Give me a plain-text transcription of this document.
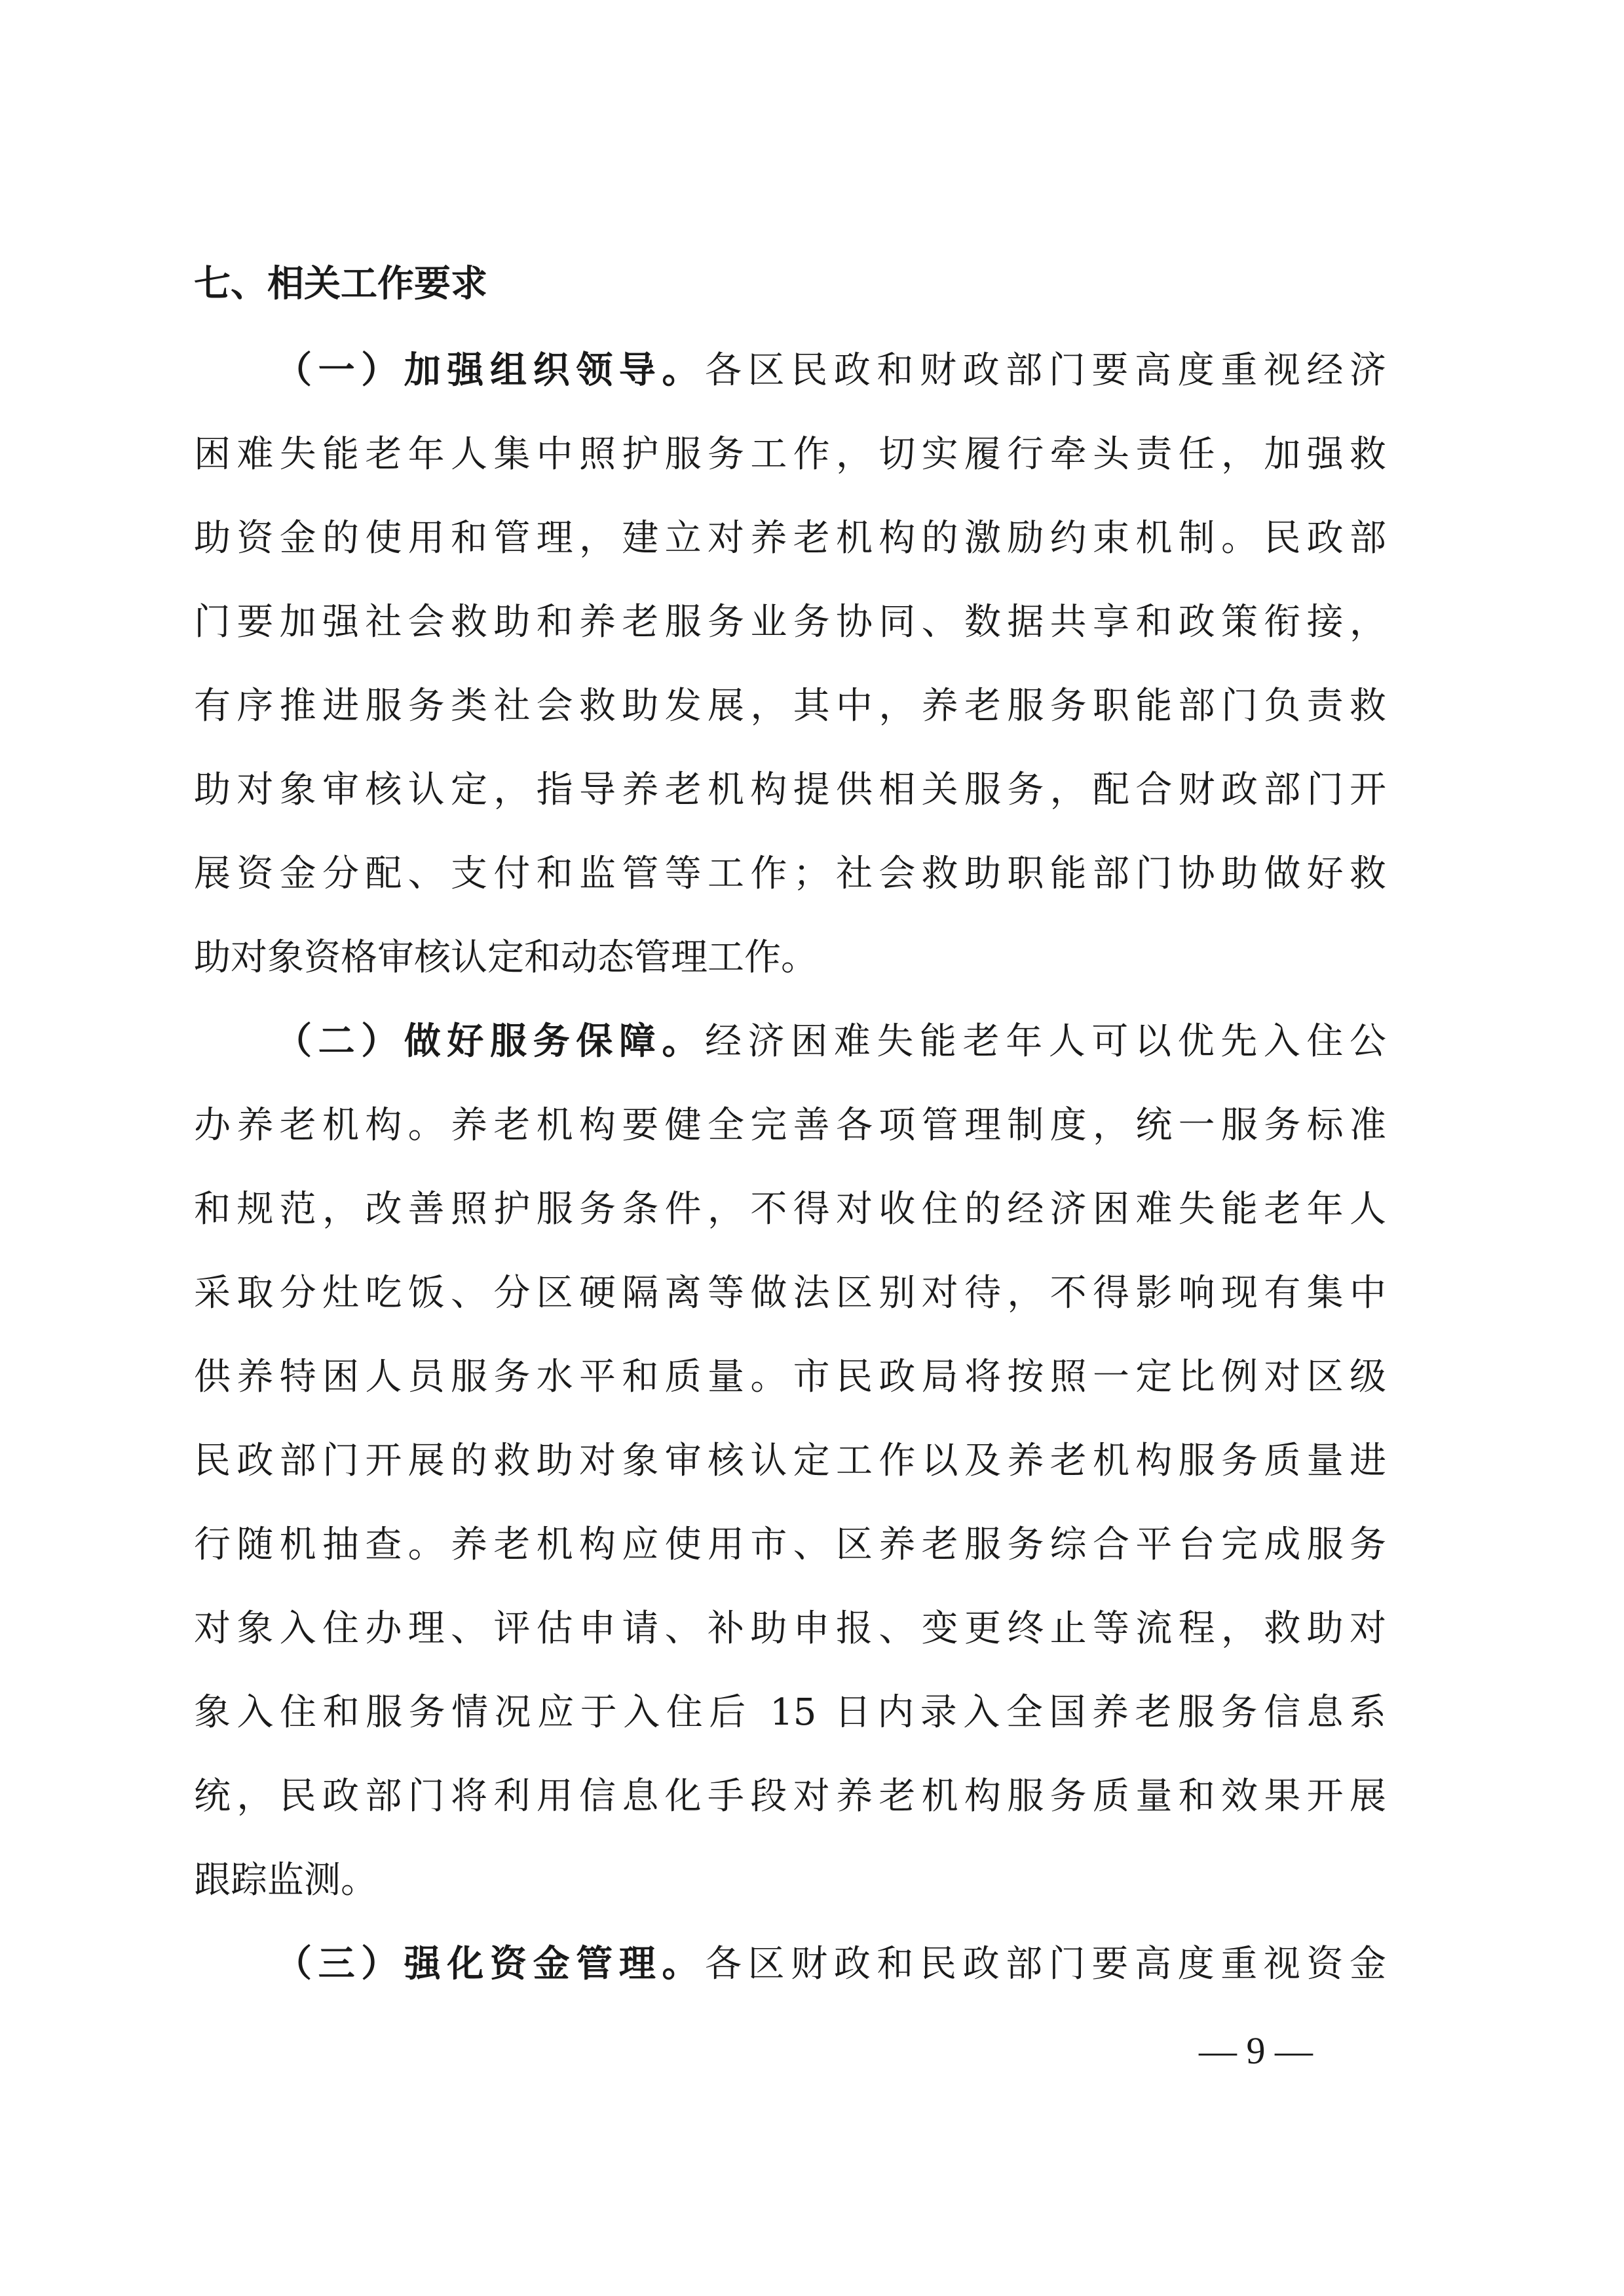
七、相关工作要求
（一）加强组织领导。各区民政和财政部门要高度重视经济
困难失能老年人集中照护服务工作，切实履行牵头责任，加强救
助资金的使用和管理，建立对养老机构的激励约束机制。民政部
门要加强社会救助和养老服务业务协同、数据共享和政策衔接，
有序推进服务类社会救助发展，其中，养老服务职能部门负责救
助对象审核认定，指导养老机构提供相关服务，配合财政部门开
展资金分配、支付和监管等工作；社会救助职能部门协助做好救
助对象资格审核认定和动态管理工作。
（二）做好服务保障。经济困难失能老年人可以优先入住公
办养老机构。养老机构要健全完善各项管理制度，统一服务标准
和规范，改善照护服务条件，不得对收住的经济困难失能老年人
采取分灶吃饭、分区硬隔离等做法区别对待，不得影响现有集中
供养特困人员服务水平和质量。市民政局将按照一定比例对区级
民政部门开展的救助对象审核认定工作以及养老机构服务质量进
行随机抽查。养老机构应使用市、区养老服务综合平台完成服务
对象入住办理、评估申请、补助申报、变更终止等流程，救助对
象入住和服务情况应于入住后 15 日内录入全国养老服务信息系
统，民政部门将利用信息化手段对养老机构服务质量和效果开展
跟踪监测。
（三）强化资金管理。各区财政和民政部门要高度重视资金
— 9 —
